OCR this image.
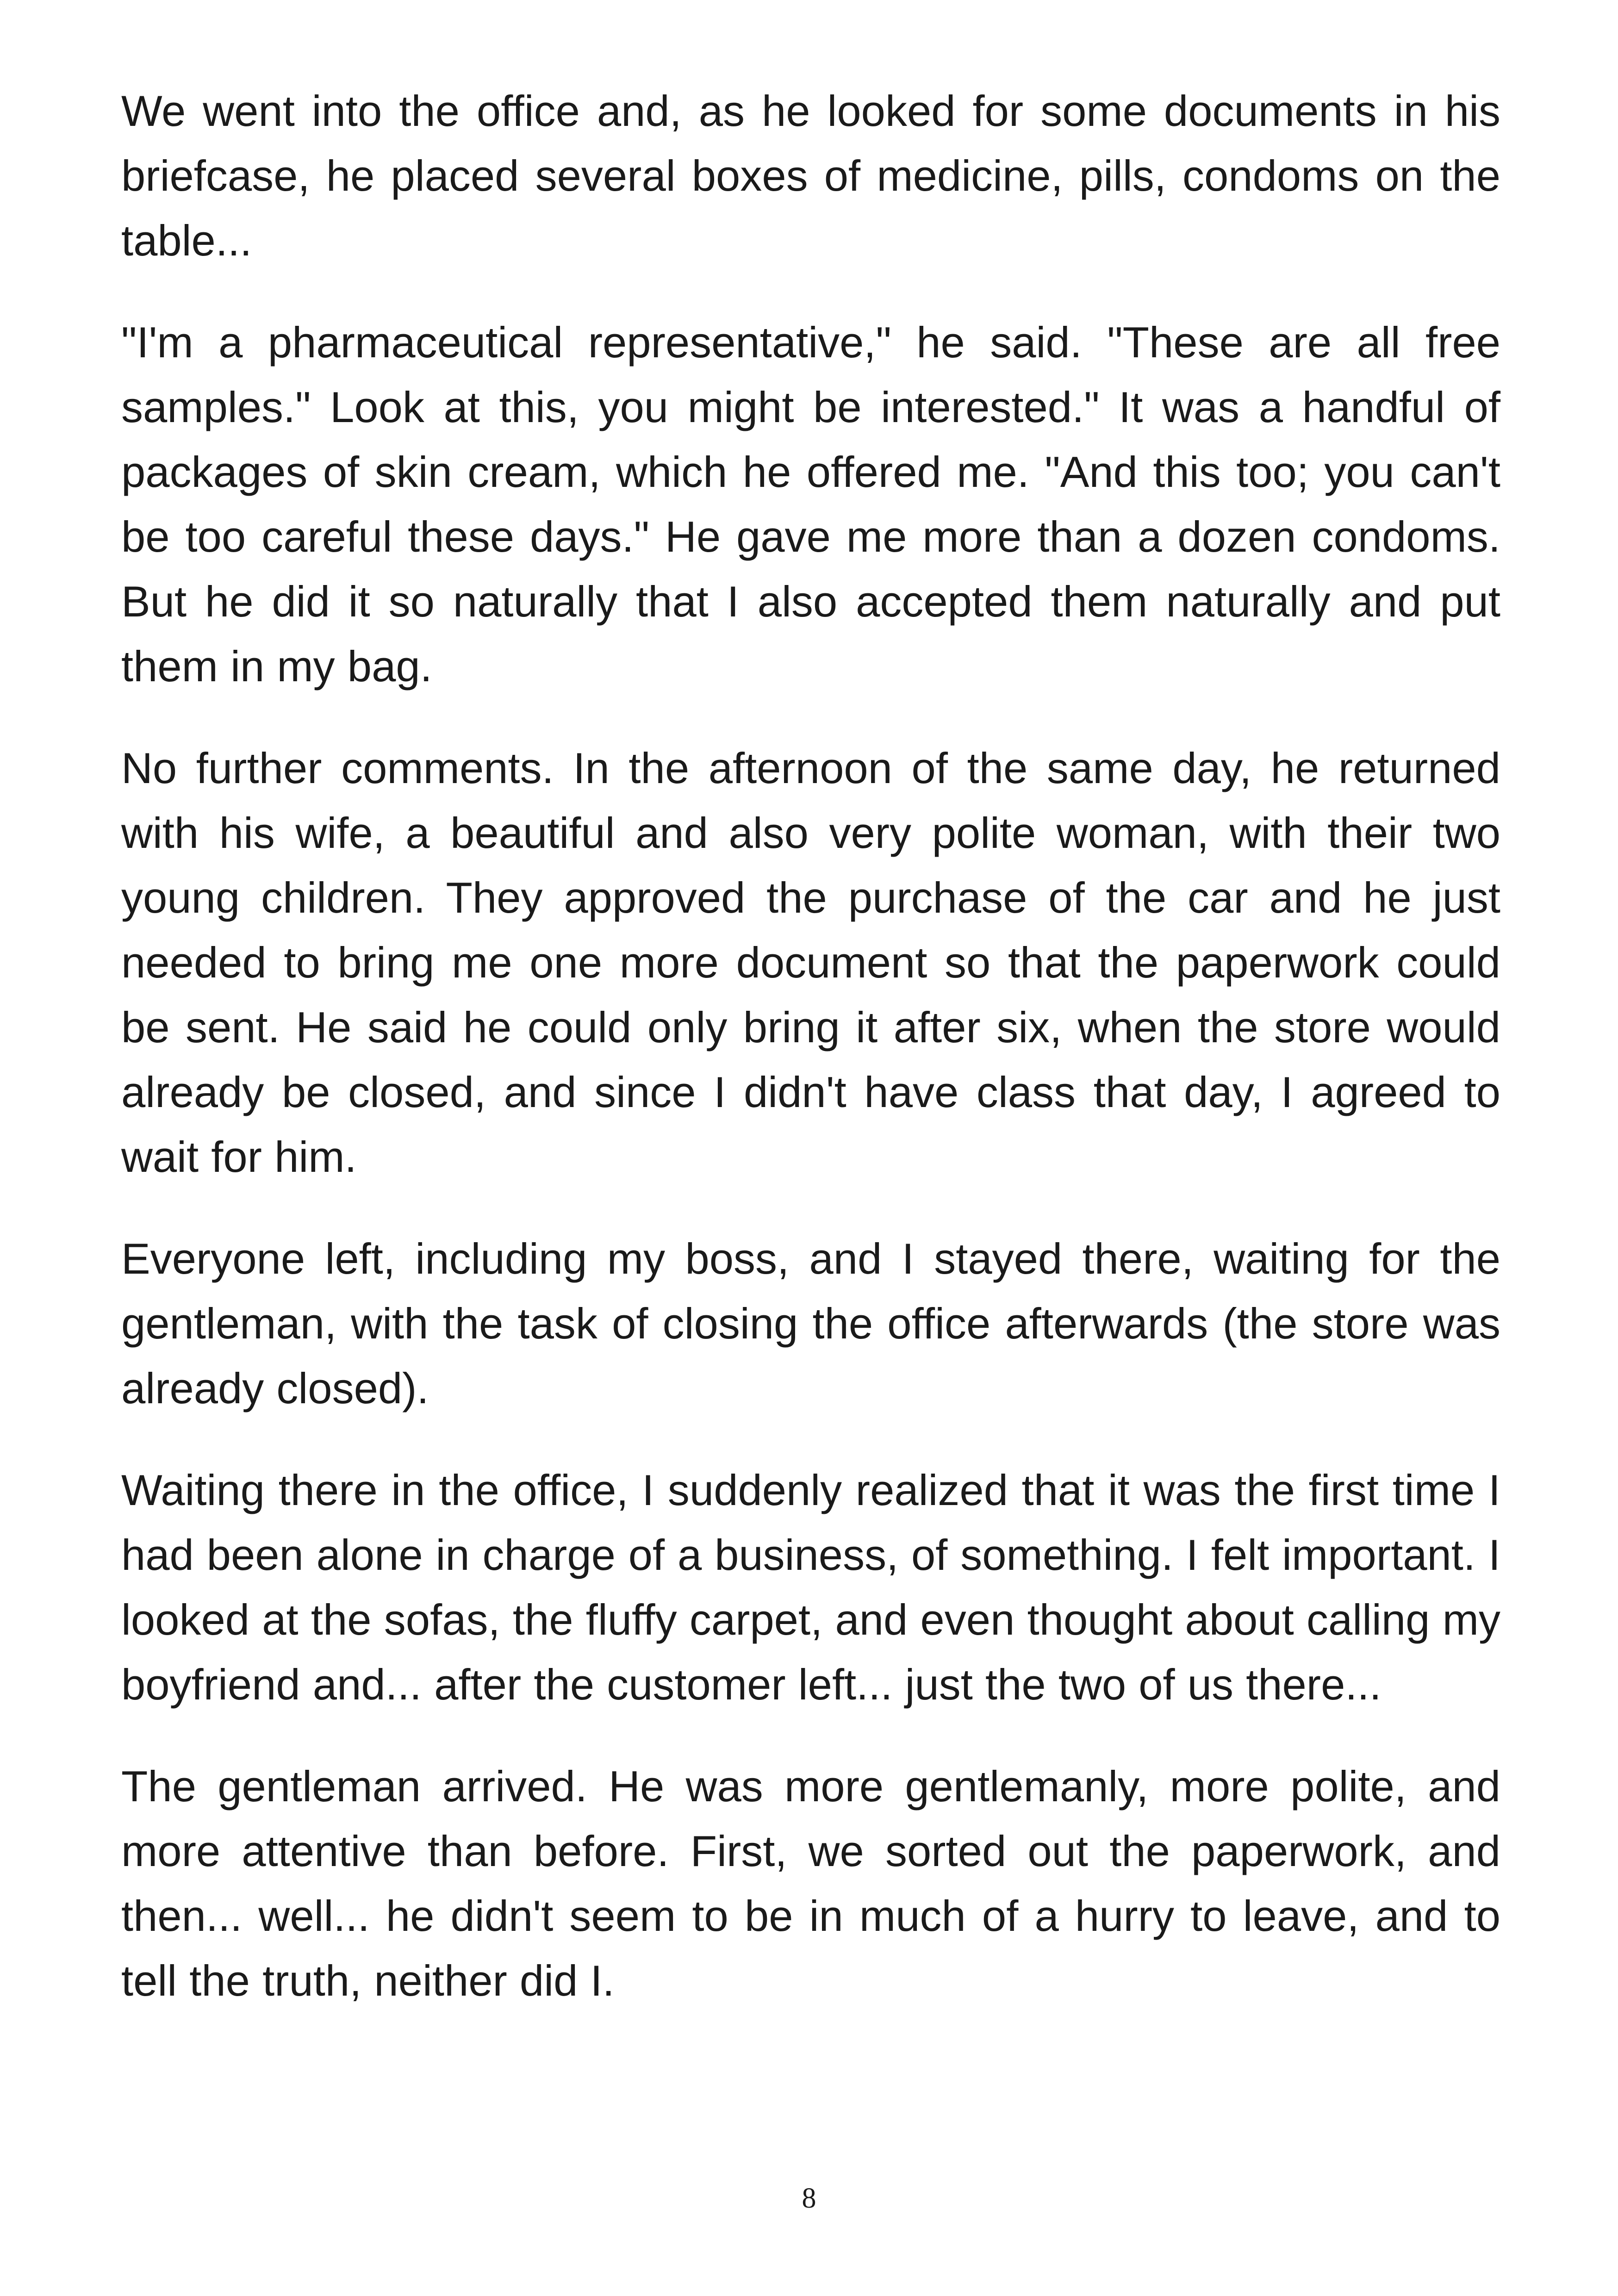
We went into the office and, as he looked for some documents in his briefcase, he placed several boxes of medicine, pills, condoms on the table...

"I'm a pharmaceutical representative," he said. "These are all free samples." Look at this, you might be interested." It was a handful of packages of skin cream, which he offered me. "And this too; you can't be too careful these days." He gave me more than a dozen condoms. But he did it so naturally that I also accepted them naturally and put them in my bag.

No further comments. In the afternoon of the same day, he returned with his wife, a beautiful and also very polite woman, with their two young children. They approved the purchase of the car and he just needed to bring me one more document so that the paperwork could be sent. He said he could only bring it after six, when the store would already be closed, and since I didn't have class that day, I agreed to wait for him.

Everyone left, including my boss, and I stayed there, waiting for the gentleman, with the task of closing the office afterwards (the store was already closed).

Waiting there in the office, I suddenly realized that it was the first time I had been alone in charge of a business, of something. I felt important. I looked at the sofas, the fluffy carpet, and even thought about calling my boyfriend and... after the customer left... just the two of us there...

The gentleman arrived. He was more gentlemanly, more polite, and more attentive than before. First, we sorted out the paperwork, and then... well... he didn't seem to be in much of a hurry to leave, and to tell the truth, neither did I.

8
